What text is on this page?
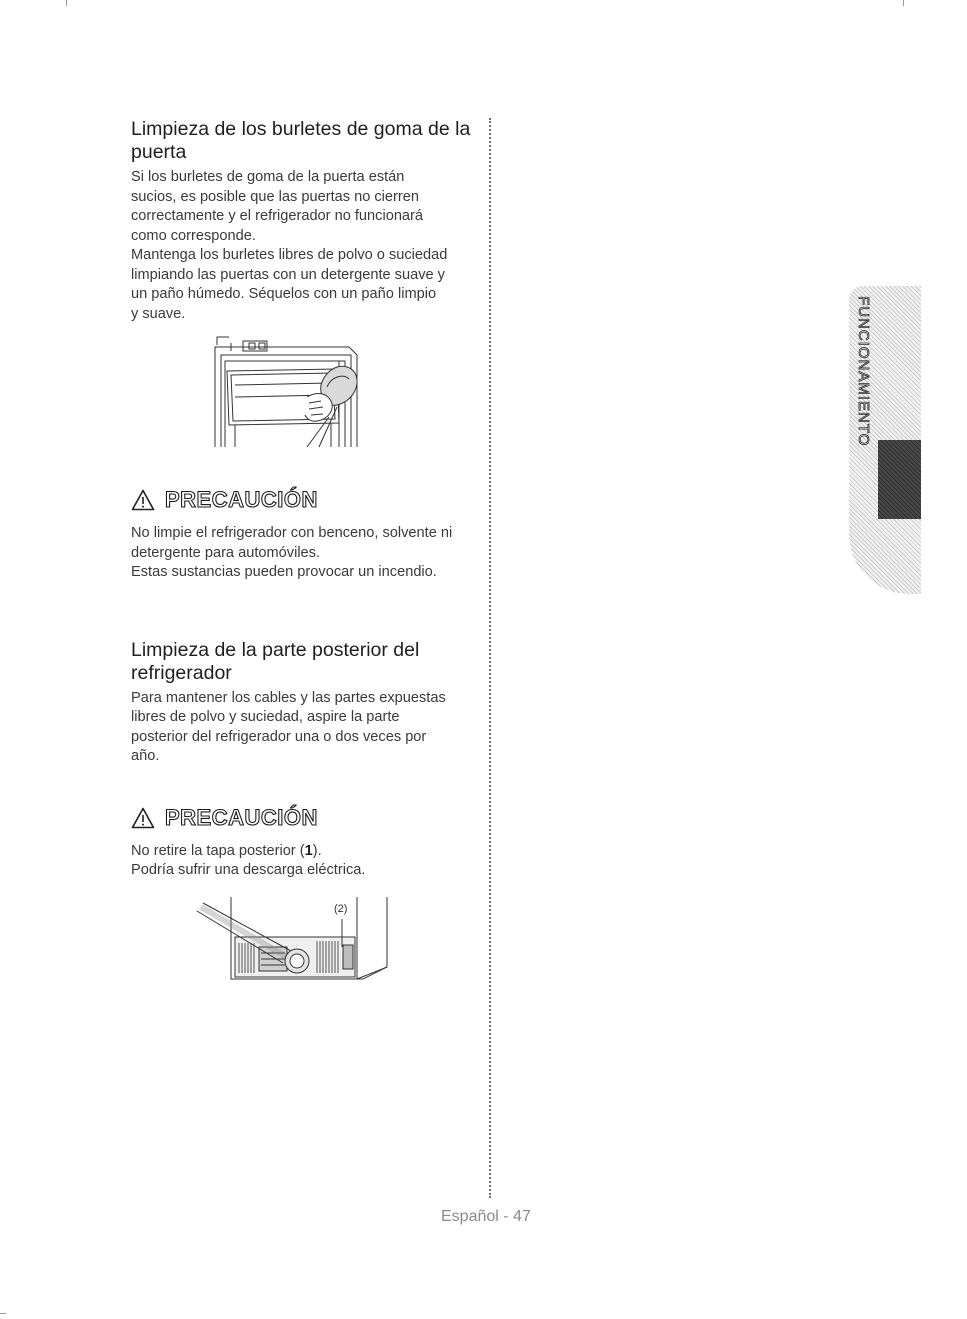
Limpieza de los burletes de goma de la puerta

Si los burletes de goma de la puerta están
sucios, es posible que las puertas no cierren
correctamente y el refrigerador no funcionará
como corresponde.
Mantenga los burletes libres de polvo o suciedad
limpiando las puertas con un detergente suave y
un paño húmedo. Séquelos con un paño limpio
y suave.

PRECAUCIÓN

No limpie el refrigerador con benceno, solvente ni
detergente para automóviles.
Estas sustancias pueden provocar un incendio.

Limpieza de la parte posterior del refrigerador

Para mantener los cables y las partes expuestas
libres de polvo y suciedad, aspire la parte
posterior del refrigerador una o dos veces por
año.

PRECAUCIÓN

No retire la tapa posterior (1).
Podría sufrir una descarga eléctrica.

(2)
FUNCIONAMIENTO
Español - 47
